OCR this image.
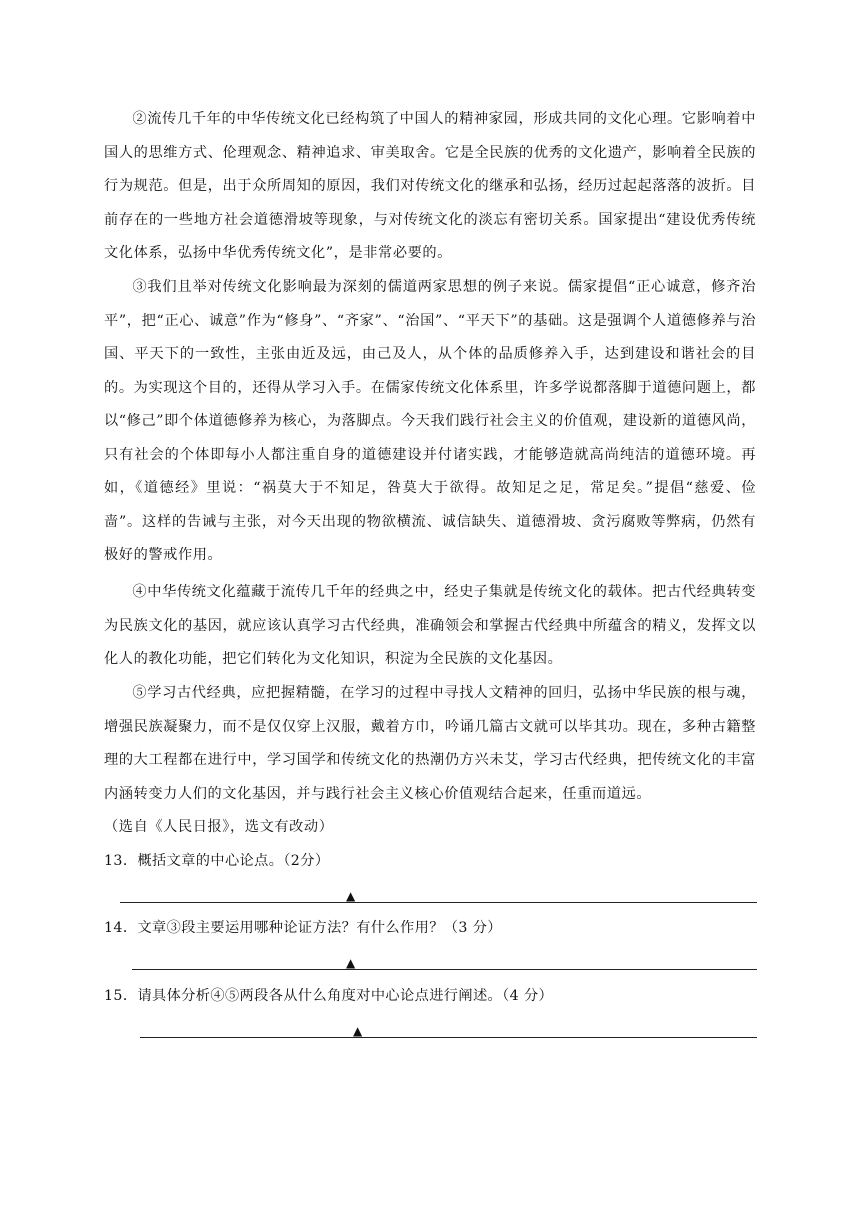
②流传几千年的中华传统文化已经构筑了中国人的精神家园，形成共同的文化心理。它影响着中国人的思维方式、伦理观念、精神追求、审美取舍。它是全民族的优秀的文化遗产，影响着全民族的行为规范。但是，出于众所周知的原因，我们对传统文化的继承和弘扬，经历过起起落落的波折。目前存在的一些地方社会道德滑坡等现象，与对传统文化的淡忘有密切关系。国家提出“建设优秀传统文化体系，弘扬中华优秀传统文化”，是非常必要的。

③我们且举对传统文化影响最为深刻的儒道两家思想的例子来说。儒家提倡“正心诚意，修齐治平”，把“正心、诚意”作为“修身”、“齐家”、“治国”、“平天下”的基础。这是强调个人道德修养与治国、平天下的一致性，主张由近及远，由己及人，从个体的品质修养入手，达到建设和谐社会的目的。为实现这个目的，还得从学习入手。在儒家传统文化体系里，许多学说都落脚于道德问题上，都以“修己”即个体道德修养为核心，为落脚点。今天我们践行社会主义的价值观，建设新的道德风尚，只有社会的个体即每小人都注重自身的道德建设并付诸实践，才能够造就高尚纯洁的道德环境。再如，《道德经》里说：“祸莫大于不知足，咎莫大于欲得。故知足之足，常足矣。”提倡“慈爱、俭啬”。这样的告诫与主张，对今天出现的物欲横流、诚信缺失、道德滑坡、贪污腐败等弊病，仍然有极好的警戒作用。

④中华传统文化蕴藏于流传几千年的经典之中，经史子集就是传统文化的载体。把古代经典转变为民族文化的基因，就应该认真学习古代经典，准确领会和掌握古代经典中所蕴含的精义，发挥文以化人的教化功能，把它们转化为文化知识，积淀为全民族的文化基因。

⑤学习古代经典，应把握精髓，在学习的过程中寻找人文精神的回归，弘扬中华民族的根与魂，增强民族凝聚力，而不是仅仅穿上汉服，戴着方巾，吟诵几篇古文就可以毕其功。现在，多种古籍整理的大工程都在进行中，学习国学和传统文化的热潮仍方兴未艾，学习古代经典，把传统文化的丰富内涵转变力人们的文化基因，并与践行社会主义核心价值观结合起来，任重而道远。

（选自《人民日报》，选文有改动）

13．概括文章的中心论点。（2分）

▲

14．文章③段主要运用哪种论证方法？有什么作用？（3 分）

▲

15．请具体分析④⑤两段各从什么角度对中心论点进行阐述。（4 分）

▲
